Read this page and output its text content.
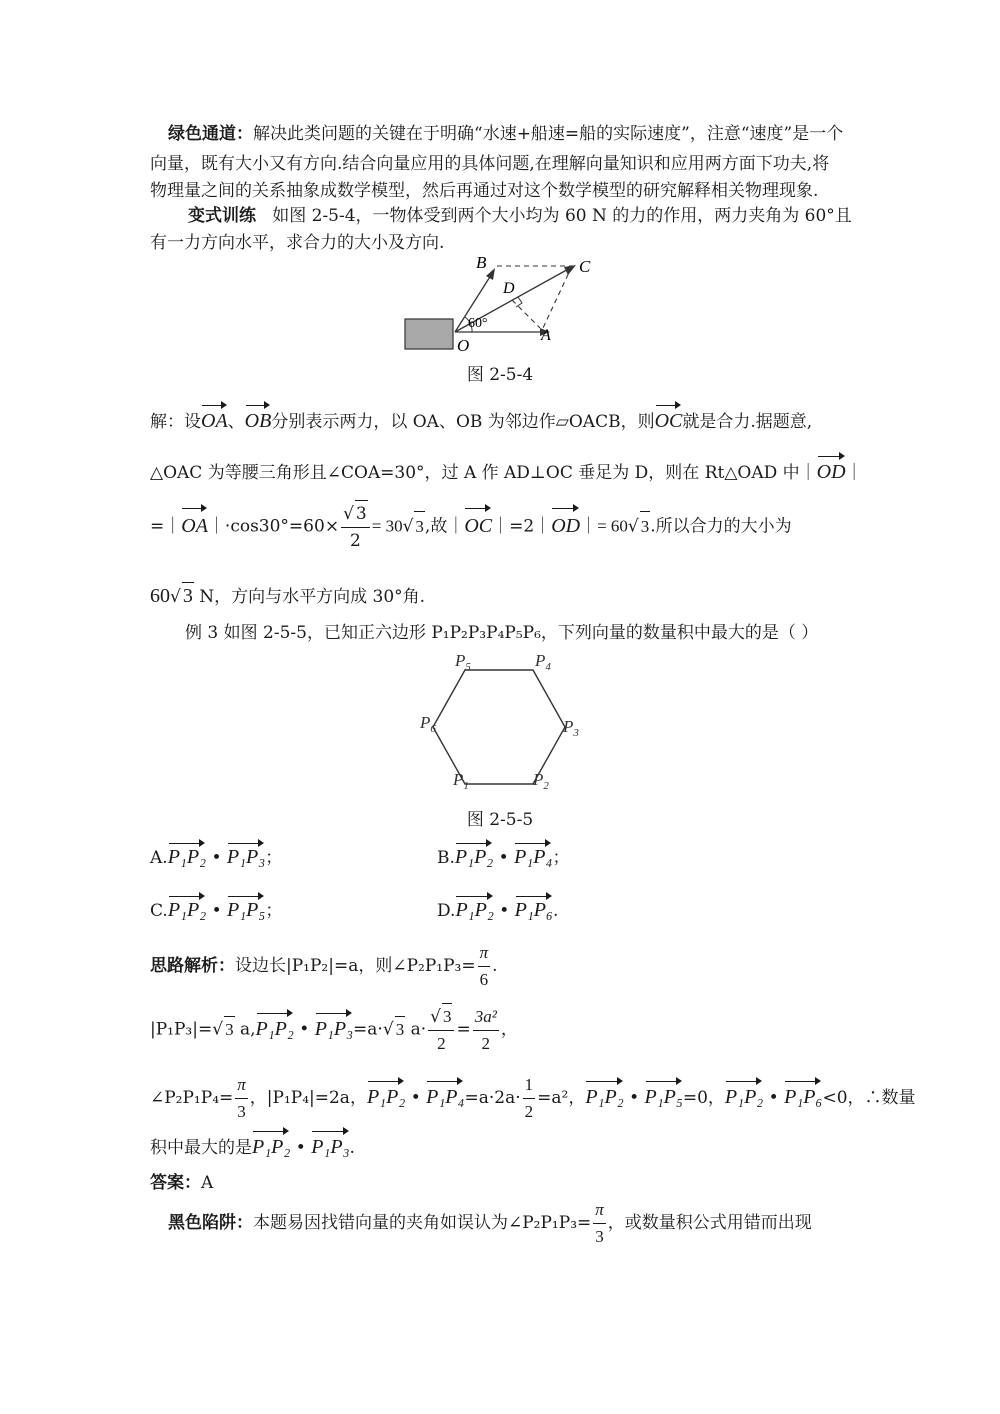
绿色通道：解决此类问题的关键在于明确“水速+船速=船的实际速度”，注意“速度”是一个
向量，既有大小又有方向.结合向量应用的具体问题,在理解向量知识和应用两方面下功夫,将
物理量之间的关系抽象成数学模型，然后再通过对这个数学模型的研究解释相关物理现象.
变式训练 如图 2-5-4，一物体受到两个大小均为 60 N 的力的作用，两力夹角为 60°且
有一力方向水平，求合力的大小及方向.
B	C
D
A
O
60°
图 2-5-4
解：设OA、OB分别表示两力，以 OA、OB 为邻边作▱OACB，则OC就是合力.据题意,
△OAC 为等腰三角形且∠COA=30°，过 A 作 AD⊥OC 垂足为 D，则在 Rt△OAD 中｜OD｜
=｜OA｜·cos30°=60× $\frac{√ 3}{2} = 30√$ 3,故｜OC｜=2｜OD｜= 60√ 3.所以合力的大小为
60√ 3 N，方向与水平方向成 30°角.
例 3 如图 2-5-5，已知正六边形 P₁P₂P₃P₄P₅P₆，下列向量的数量积中最大的是（ ）
$P_5$	$P_4$
$P_6$	$P_3$
$P_1$	$P_2$
图 2-5-5
A.P₁P₂ • P₁P₃；	B.P₁P₂ • P₁P₄；
C.P₁P₂ • P₁P₅；	D.P₁P₂ • P₁P₆.
思路解析：设边长|P₁P₂|=a，则∠P₂P₁P₃= $\frac{\pi}{6}$ .
|P₁P₃|=√ 3 a,P₁P₂ • P₁P₃=a·√ 3 $a\cdot \frac{√ 3}{2} = \frac{\text{3a²}}{2}$ ，
∠P₂P₁P₄= $\frac{\pi}{3}$ ，|P₁P₄|=2a，P₁P₂ • $P_1P_4=a\cdot 2a\cdot \frac{1}{2} =a^2$，P₁P₂ • P₁P₅=0，P₁P₂ • P₁P₆<0，∴数量
积中最大的是P₁P₂ • P₁P₃.
答案：A
黑色陷阱：本题易因找错向量的夹角如误认为∠P₂P₁P₃= $\frac{\pi}{3}$ ，或数量积公式用错而出现
